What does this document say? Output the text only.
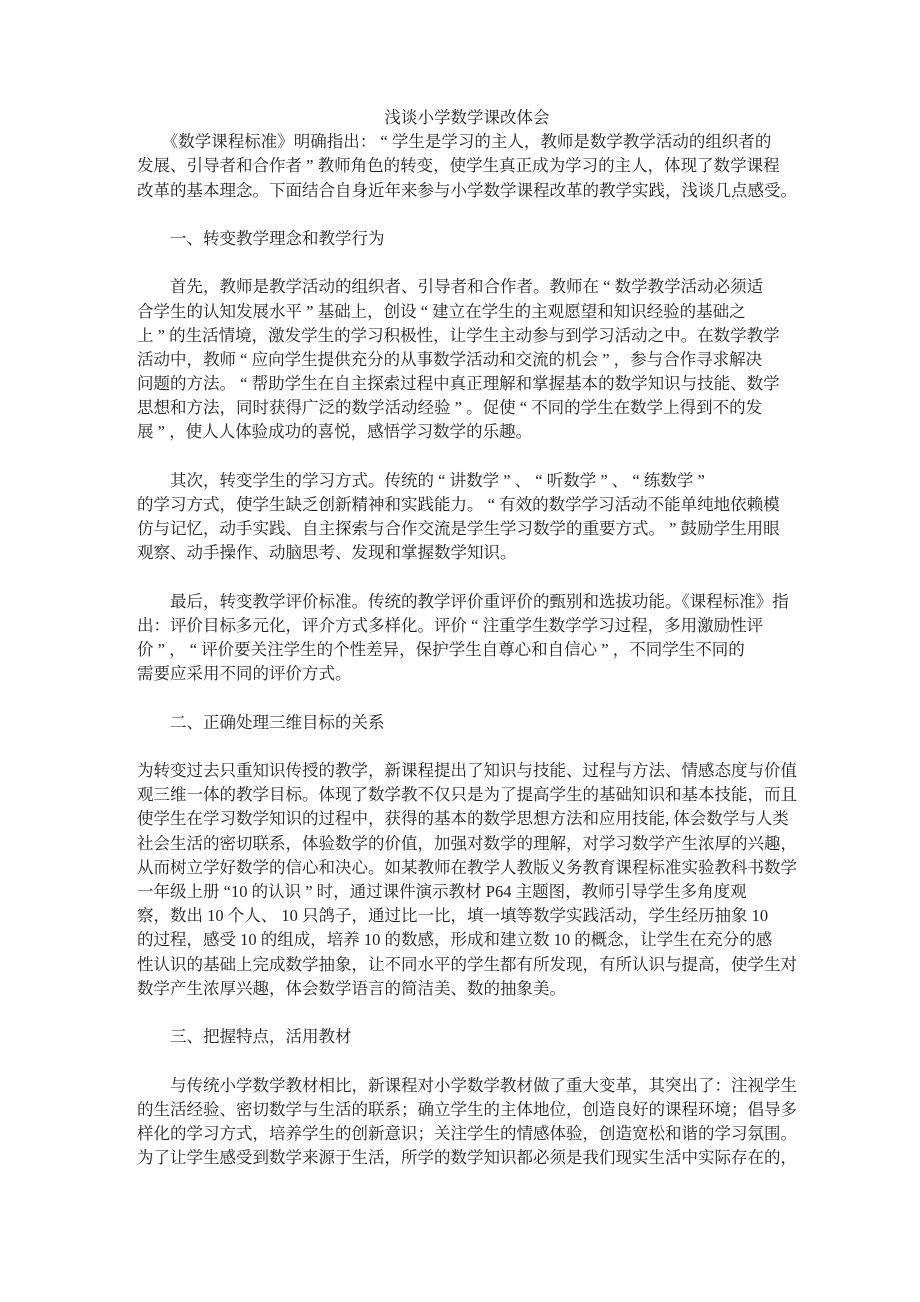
浅谈小学数学课改体会
　　《数学课程标准》明确指出： “ 学生是学习的主人，教师是数学教学活动的组织者的
发展、引导者和合作者 ” 教师角色的转变，使学生真正成为学习的主人，体现了数学课程
改革的基本理念。下面结合自身近年来参与小学数学课程改革的教学实践，浅谈几点感受。
　　一、转变教学理念和教学行为
　　首先，教师是教学活动的组织者、引导者和合作者。教师在 “ 数学教学活动必须适
合学生的认知发展水平 ” 基础上，创设 “ 建立在学生的主观愿望和知识经验的基础之
上 ” 的生活情境，激发学生的学习积极性，让学生主动参与到学习活动之中。在数学教学
活动中，教师 “ 应向学生提供充分的从事数学活动和交流的机会 ” ，参与合作寻求解决
问题的方法。 “ 帮助学生在自主探索过程中真正理解和掌握基本的数学知识与技能、数学
思想和方法，同时获得广泛的数学活动经验 ” 。促使 “ 不同的学生在数学上得到不的发
展 ” ，使人人体验成功的喜悦，感悟学习数学的乐趣。
　　其次，转变学生的学习方式。传统的 “ 讲数学 ” 、 “ 听数学 ” 、 “ 练数学 ”
的学习方式，使学生缺乏创新精神和实践能力。 “ 有效的数学学习活动不能单纯地依赖模
仿与记忆，动手实践、自主探索与合作交流是学生学习数学的重要方式。 ” 鼓励学生用眼
观察、动手操作、动脑思考、发现和掌握数学知识。
　　最后，转变教学评价标准。传统的教学评价重评价的甄别和选拔功能。《课程标准》指
出：评价目标多元化，评介方式多样化。评价 “ 注重学生数学学习过程，多用激励性评
价 ” ， “ 评价要关注学生的个性差异，保护学生自尊心和自信心 ” ，不同学生不同的
需要应采用不同的评价方式。
　　二、正确处理三维目标的关系
为转变过去只重知识传授的教学，新课程提出了知识与技能、过程与方法、情感态度与价值
观三维一体的教学目标。体现了数学教不仅只是为了提高学生的基础知识和基本技能，而且
使学生在学习数学知识的过程中，获得的基本的数学思想方法和应用技能, 体会数学与人类
社会生活的密切联系，体验数学的价值，加强对数学的理解，对学习数学产生浓厚的兴趣，
从而树立学好数学的信心和决心。如某教师在教学人教版义务教育课程标准实验教科书数学
一年级上册 “10 的认识 ” 时，通过课件演示教材 P64 主题图，教师引导学生多角度观
察，数出 10 个人、 10 只鸽子，通过比一比，填一填等数学实践活动，学生经历抽象 10
的过程，感受 10 的组成，培养 10 的数感，形成和建立数 10 的概念，让学生在充分的感
性认识的基础上完成数学抽象，让不同水平的学生都有所发现，有所认识与提高，使学生对
数学产生浓厚兴趣，体会数学语言的简洁美、数的抽象美。
　　三、把握特点，活用教材
　　与传统小学数学教材相比，新课程对小学数学教材做了重大变革，其突出了：注视学生
的生活经验、密切数学与生活的联系；确立学生的主体地位，创造良好的课程环境；倡导多
样化的学习方式，培养学生的创新意识；关注学生的情感体验，创造宽松和谐的学习氛围。
为了让学生感受到数学来源于生活，所学的数学知识都必须是我们现实生活中实际存在的，
